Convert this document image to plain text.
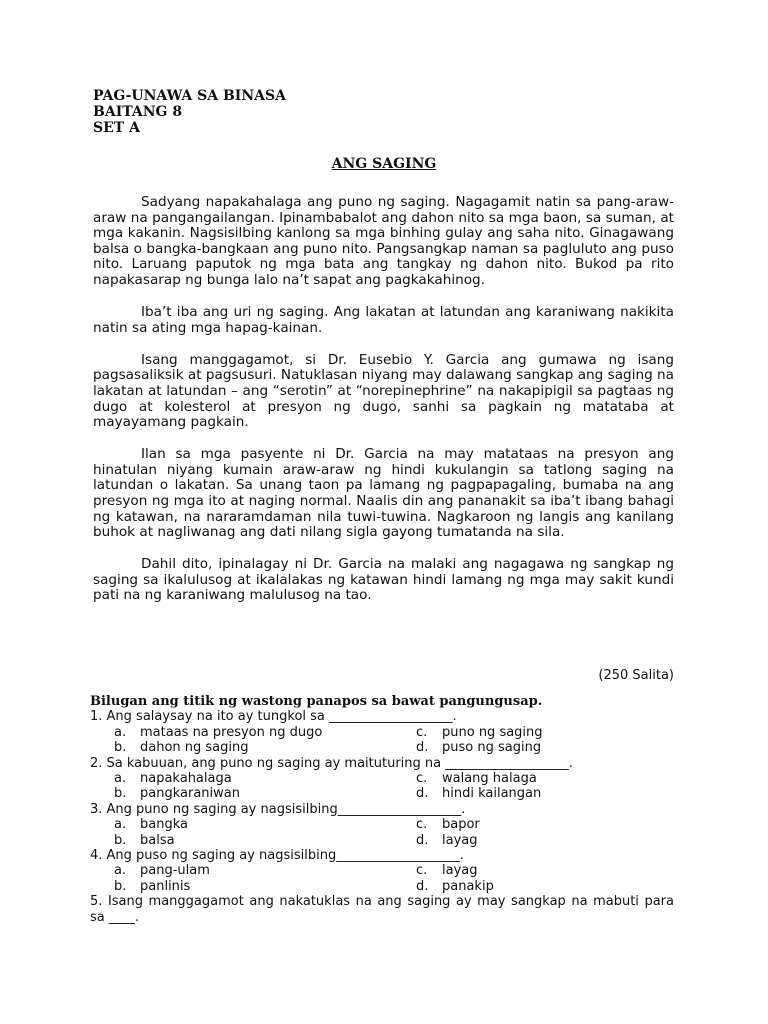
PAG-UNAWA SA BINASA
BAITANG 8
SET A
ANG SAGING

Sadyang napakahalaga ang puno ng saging. Nagagamit natin sa pang-araw-araw na pangangailangan. Ipinambabalot ang dahon nito sa mga baon, sa suman, at mga kakanin. Nagsisilbing kanlong sa mga binhing gulay ang saha nito. Ginagawang balsa o bangka-bangkaan ang puno nito. Pangsangkap naman sa pagluluto ang puso nito. Laruang paputok ng mga bata ang tangkay ng dahon nito. Bukod pa rito napakasarap ng bunga lalo na’t sapat ang pagkakahinog.

Iba’t iba ang uri ng saging. Ang lakatan at latundan ang karaniwang nakikita natin sa ating mga hapag-kainan.

Isang manggagamot, si Dr. Eusebio Y. Garcia ang gumawa ng isang pagsasaliksik at pagsusuri. Natuklasan niyang may dalawang sangkap ang saging na lakatan at latundan – ang “serotin” at “norepinephrine” na nakapipigil sa pagtaas ng dugo at kolesterol at presyon ng dugo, sanhi sa pagkain ng matataba at mayayamang pagkain.

Ilan sa mga pasyente ni Dr. Garcia na may matataas na presyon ang hinatulan niyang kumain araw-araw ng hindi kukulangin sa tatlong saging na latundan o lakatan. Sa unang taon pa lamang ng pagpapagaling, bumaba na ang presyon ng mga ito at naging normal. Naalis din ang pananakit sa iba’t ibang bahagi ng katawan, na nararamdaman nila tuwi-tuwina. Nagkaroon ng langis ang kanilang buhok at nagliwanag ang dati nilang sigla gayong tumatanda na sila.

Dahil dito, ipinalagay ni Dr. Garcia na malaki ang nagagawa ng sangkap ng saging sa ikalulusog at ikalalakas ng katawan hindi lamang ng mga may sakit kundi pati na ng karaniwang malulusog na tao.

(250 Salita)
Bilugan ang titik ng wastong panapos sa bawat pangungusap.
1. Ang salaysay na ito ay tungkol sa ___________________.
a.	mataas na presyon ng dugo	c.	puno ng saging
b.	dahon ng saging	d.	puso ng saging
2. Sa kabuuan, ang puno ng saging ay maituturing na ___________________.
a.	napakahalaga	c.	walang halaga
b.	pangkaraniwan	d.	hindi kailangan
3. Ang puno ng saging ay nagsisilbing___________________.
a.	bangka	c.	bapor
b.	balsa	d.	layag
4. Ang puso ng saging ay nagsisilbing___________________.
a.	pang-ulam	c.	layag
b.	panlinis	d.	panakip
5. Isang manggagamot ang nakatuklas na ang saging ay may sangkap na mabuti para sa ____.
